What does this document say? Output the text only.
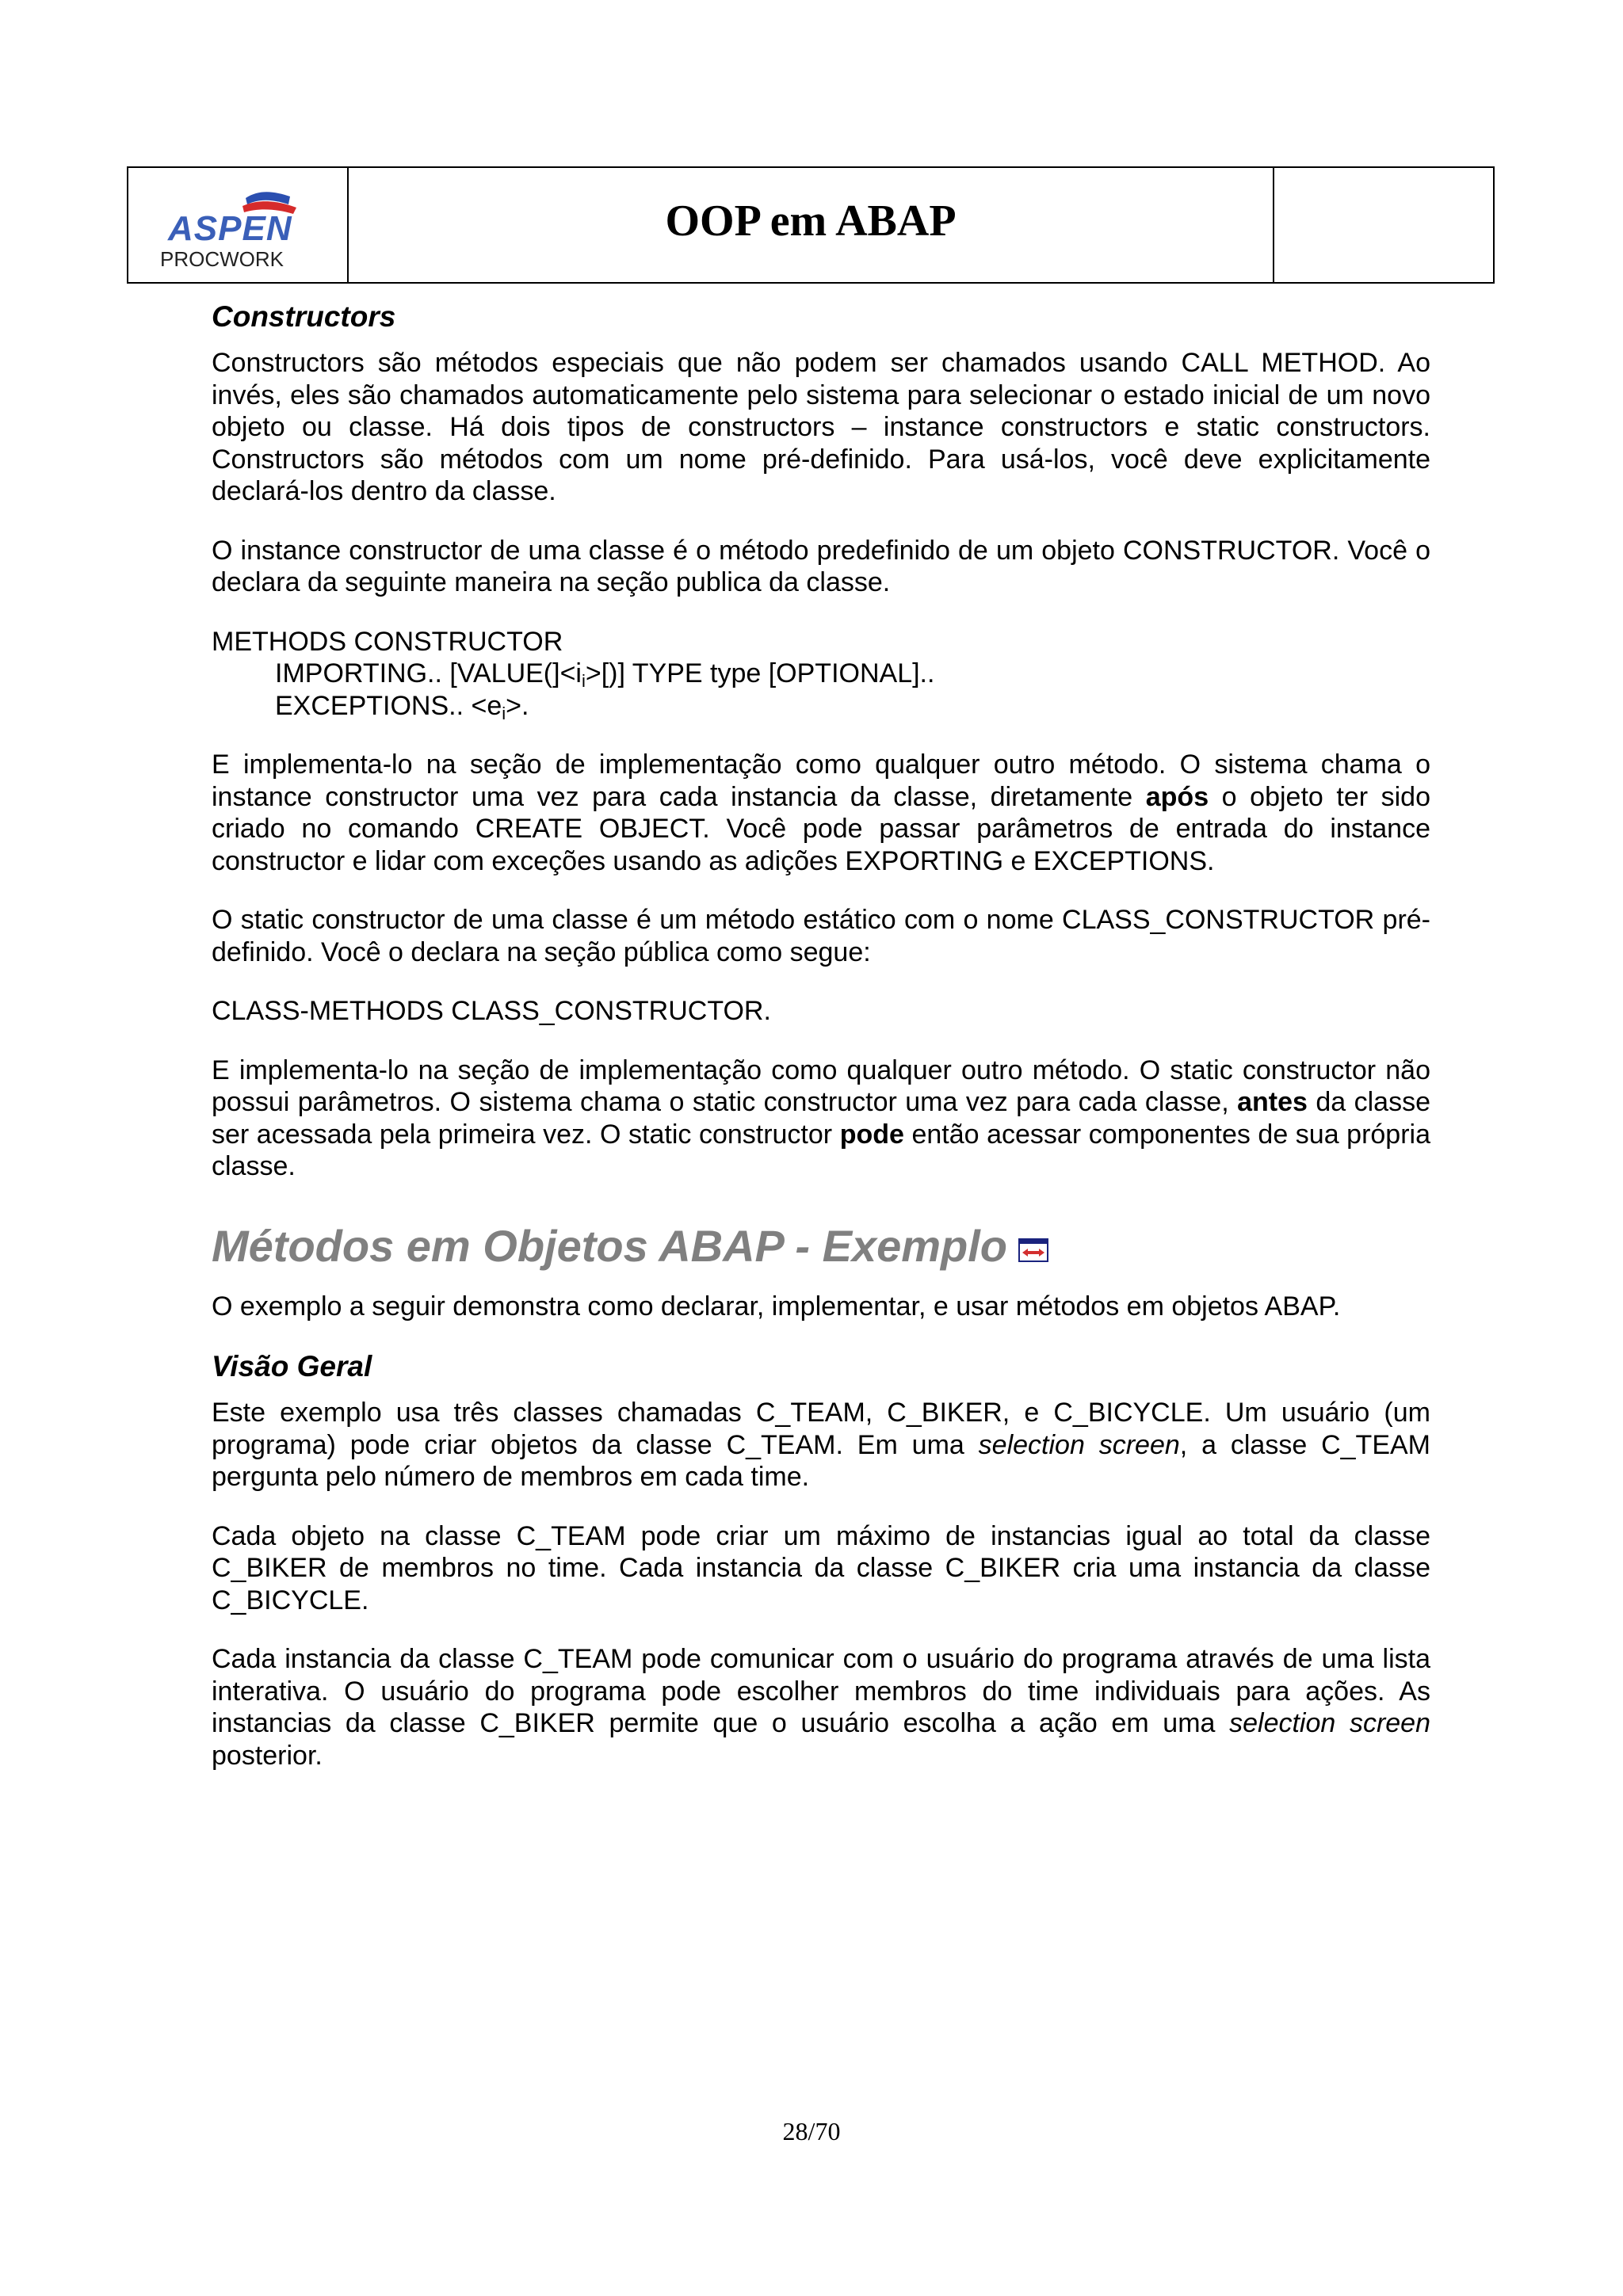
ASPEN
PROCWORK
OOP em ABAP
Constructors
Constructors são métodos especiais que não podem ser chamados usando CALL METHOD. Ao invés, eles são chamados automaticamente pelo sistema para selecionar o estado inicial de um novo objeto ou classe. Há dois tipos de constructors – instance constructors e static constructors. Constructors são métodos com um nome pré-definido. Para usá-los, você deve explicitamente declará-los dentro da classe.
O instance constructor de uma classe é o método predefinido de um objeto CONSTRUCTOR. Você o declara da seguinte maneira na seção publica da classe.
METHODS CONSTRUCTOR
IMPORTING.. $[VALUE(]<i_i>[)]$ TYPE type [OPTIONAL]..
EXCEPTIONS.. $<e_i>$.
E implementa-lo na seção de implementação como qualquer outro método. O sistema chama o instance constructor uma vez para cada instancia da classe, diretamente após o objeto ter sido criado no comando CREATE OBJECT. Você pode passar parâmetros de entrada do instance constructor e lidar com exceções usando as adições EXPORTING e EXCEPTIONS.
O static constructor de uma classe é um método estático com o nome CLASS_CONSTRUCTOR pré-definido. Você o declara na seção pública como segue:
CLASS-METHODS CLASS_CONSTRUCTOR.
E implementa-lo na seção de implementação como qualquer outro método. O static constructor não possui parâmetros. O sistema chama o static constructor uma vez para cada classe, antes da classe ser acessada pela primeira vez. O static constructor pode então acessar componentes de sua própria classe.
Métodos em Objetos ABAP - Exemplo
O exemplo a seguir demonstra como declarar, implementar, e usar métodos em objetos ABAP.
Visão Geral
Este exemplo usa três classes chamadas C_TEAM, C_BIKER, e C_BICYCLE. Um usuário (um programa) pode criar objetos da classe C_TEAM. Em uma selection screen, a classe C_TEAM pergunta pelo número de membros em cada time.
Cada objeto na classe C_TEAM pode criar um máximo de instancias igual ao total da classe C_BIKER de membros no time. Cada instancia da classe C_BIKER cria uma instancia da classe C_BICYCLE.
Cada instancia da classe C_TEAM pode comunicar com o usuário do programa através de uma lista interativa. O usuário do programa pode escolher membros do time individuais para ações. As instancias da classe C_BIKER permite que o usuário escolha a ação em uma selection screen posterior.
28/70
